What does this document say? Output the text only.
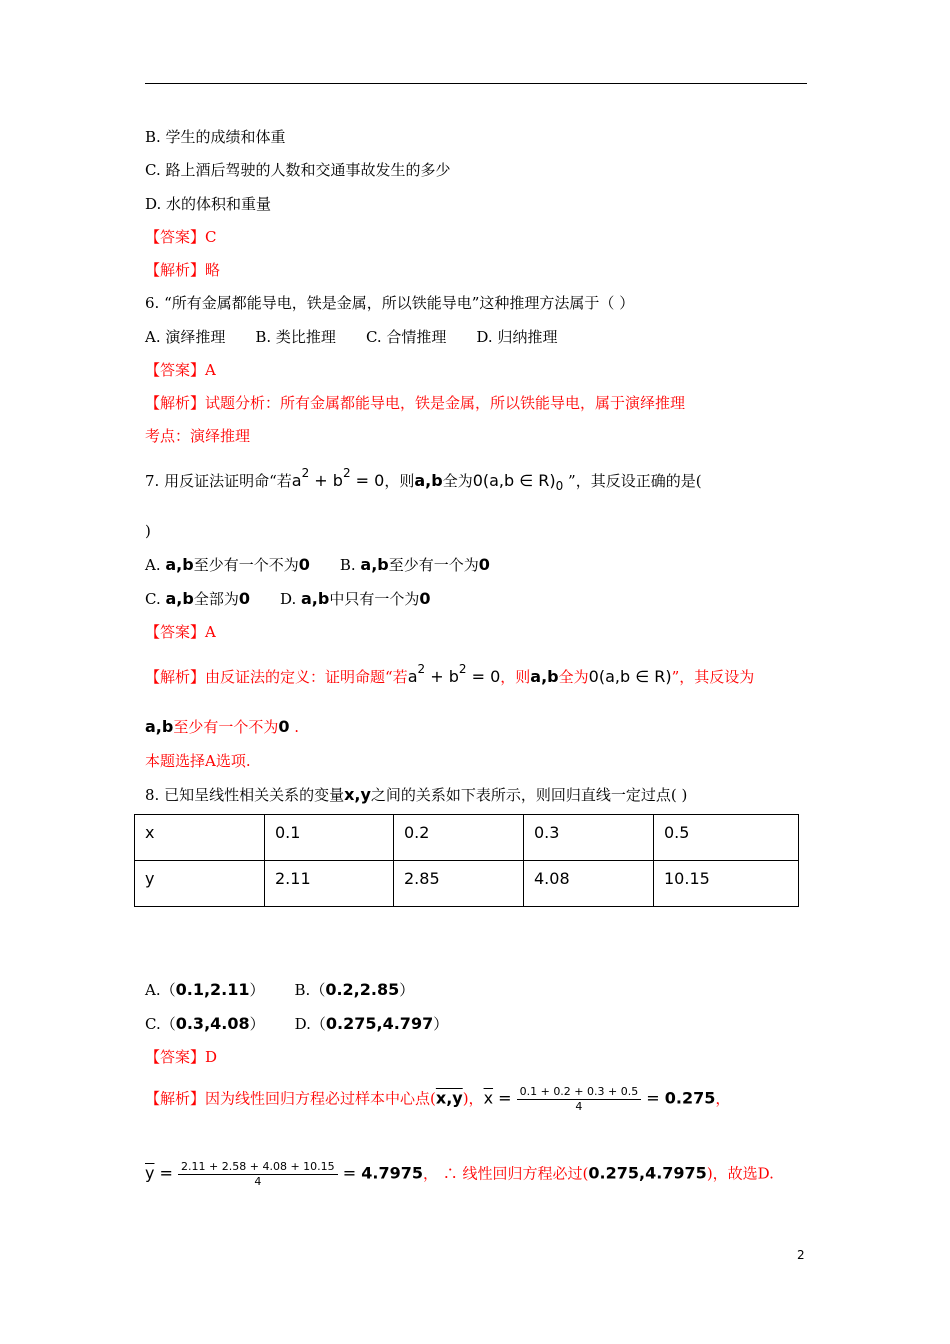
B. 学生的成绩和体重
C. 路上酒后驾驶的人数和交通事故发生的多少
D. 水的体积和重量
【答案】C
【解析】略
6. “所有金属都能导电，铁是金属，所以铁能导电”这种推理方法属于（ ）
A. 演绎推理 B. 类比推理 C. 合情推理 D. 归纳推理
【答案】A
【解析】试题分析：所有金属都能导电，铁是金属，所以铁能导电，属于演绎推理
考点：演绎推理
7. 用反证法证明命“若$a^2 + b^2 = 0$，则a,b全为0(a,b ∈ $R)_0$ ”，其反设正确的是(
)
A. a,b至少有一个不为0 B. a,b至少有一个为0
C. a,b全部为0 D. a,b中只有一个为0
【答案】A
【解析】由反证法的定义：证明命题“若$a^2 + b^2 = 0$，则a,b全为0(a,b ∈ R)”，其反设为
a,b至少有一个不为0 .
本题选择A选项.
8. 已知呈线性相关关系的变量x,y之间的关系如下表所示，则回归直线一定过点( )
x	0.1	0.2	0.3	0.5
y	2.11	2.85	4.08	10.15
A.（0.1,2.11） B.（0.2,2.85）
C.（0.3,4.08） D.（0.275,4.797）
【答案】D
【解析】因为线性回归方程必过样本中心点(x,y)，$\overline{x} = \frac{0.1 + 0.2 + 0.3 + 0.5}{4} = 0.275$，
$\overline{y} = \frac{2.11 + 2.58 + 4.08 + 10.15}{4} = 4.7975$， ∴ 线性回归方程必过(0.275,4.7975)，故选D.
2
